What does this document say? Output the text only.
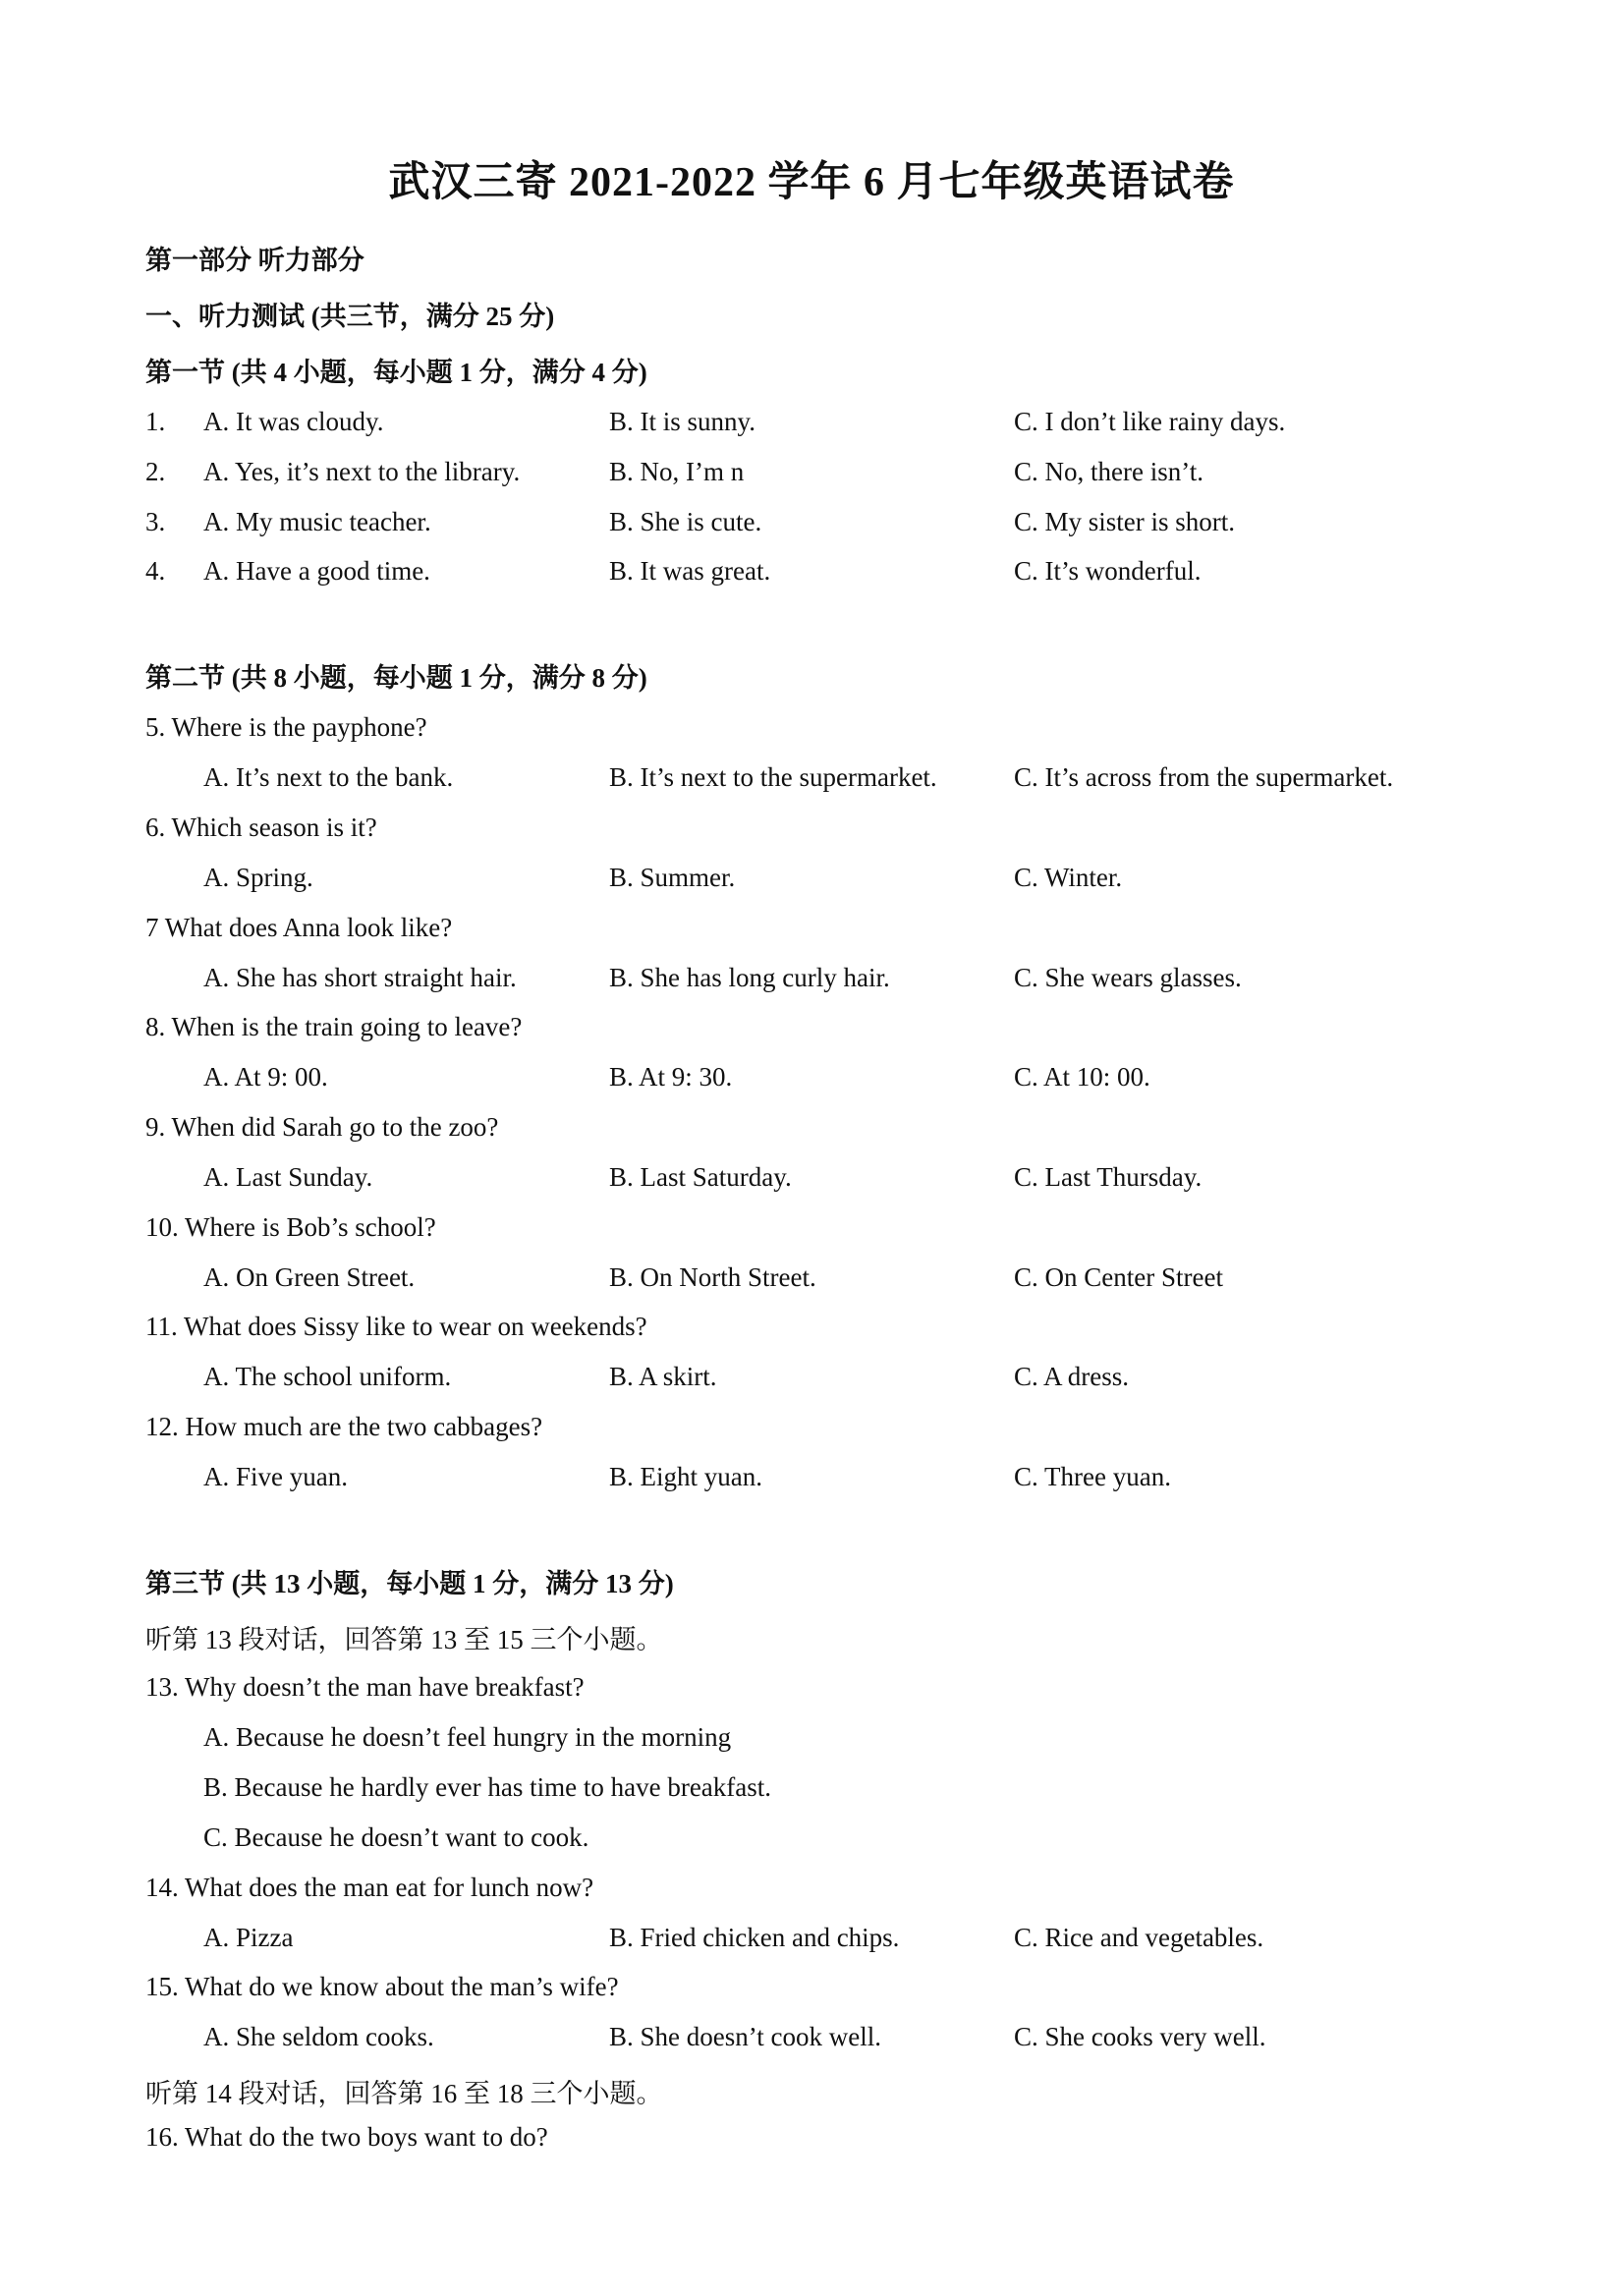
武汉三寄 2021-2022 学年 6 月七年级英语试卷
第一部分 听力部分
一、听力测试 (共三节，满分 25 分)
第一节 (共 4 小题，每小题 1 分，满分 4 分)
1. A. It was cloudy.	B. It is sunny.	C. I don’t like rainy days.
2. A. Yes, it’s next to the library.	B. No, I’m n	C. No, there isn’t.
3. A. My music teacher.	B. She is cute.	C. My sister is short.
4. A. Have a good time.	B. It was great.	C. It’s wonderful.
第二节 (共 8 小题，每小题 1 分，满分 8 分)
5. Where is the payphone?
A. It’s next to the bank.	B. It’s next to the supermarket.	C. It’s across from the supermarket.
6. Which season is it?
A. Spring.	B. Summer.	C. Winter.
7 What does Anna look like?
A. She has short straight hair.	B. She has long curly hair.	C. She wears glasses.
8. When is the train going to leave?
A. At 9: 00.	B. At 9: 30.	C. At 10: 00.
9. When did Sarah go to the zoo?
A. Last Sunday.	B. Last Saturday.	C. Last Thursday.
10. Where is Bob’s school?
A. On Green Street.	B. On North Street.	C. On Center Street
11. What does Sissy like to wear on weekends?
A. The school uniform.	B. A skirt.	C. A dress.
12. How much are the two cabbages?
A. Five yuan.	B. Eight yuan.	C. Three yuan.
第三节 (共 13 小题，每小题 1 分，满分 13 分)
听第 13 段对话，回答第 13 至 15 三个小题。
13. Why doesn’t the man have breakfast?
A. Because he doesn’t feel hungry in the morning
B. Because he hardly ever has time to have breakfast.
C. Because he doesn’t want to cook.
14. What does the man eat for lunch now?
A. Pizza	B. Fried chicken and chips.	C. Rice and vegetables.
15. What do we know about the man’s wife?
A. She seldom cooks.	B. She doesn’t cook well.	C. She cooks very well.
听第 14 段对话，回答第 16 至 18 三个小题。
16. What do the two boys want to do?
